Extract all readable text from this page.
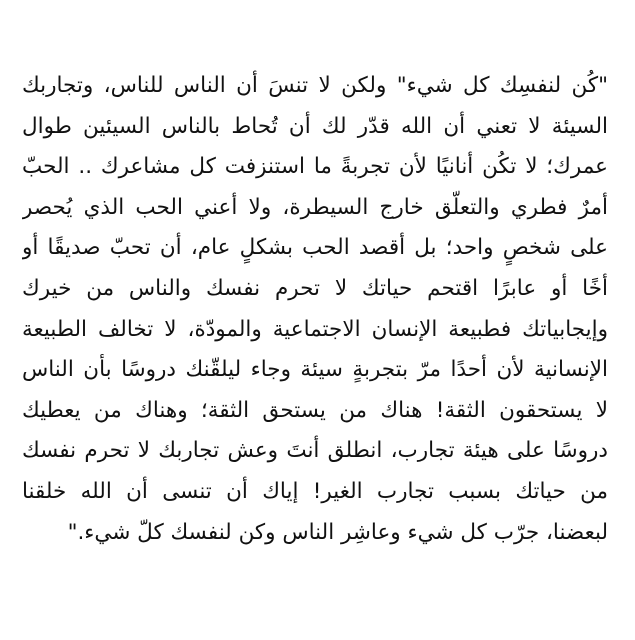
"كُن لنفسِك كل شيء" ولكن لا تنسَ أن الناس للناس، وتجاربك
السيئة لا تعني أن الله قدّر لك أن تُحاط بالناس السيئين طوال
عمرك؛ لا تكُن أنانيًا لأن تجربةً ما استنزفت كل مشاعرك .. الحبّ
أمرٌ فطري والتعلّق خارج السيطرة، ولا أعني الحب الذي يُحصر
على شخصٍ واحد؛ بل أقصد الحب بشكلٍ عام، أن تحبّ صديقًا أو
أخًا أو عابرًا اقتحم حياتك لا تحرم نفسك والناس من خيرك
وإيجابياتك فطبيعة الإنسان الاجتماعية والمودّة، لا تخالف الطبيعة
الإنسانية لأن أحدًا مرّ بتجربةٍ سيئة وجاء ليلقّنك دروسًا بأن الناس
لا يستحقون الثقة! هناك من يستحق الثقة؛ وهناك من يعطيك
دروسًا على هيئة تجارب، انطلق أنتَ وعش تجاربك لا تحرم نفسك
من حياتك بسبب تجارب الغير! إياك أن تنسى أن الله خلقنا
لبعضنا، جرّب كل شيء وعاشِر الناس وكن لنفسك كلّ شيء."
